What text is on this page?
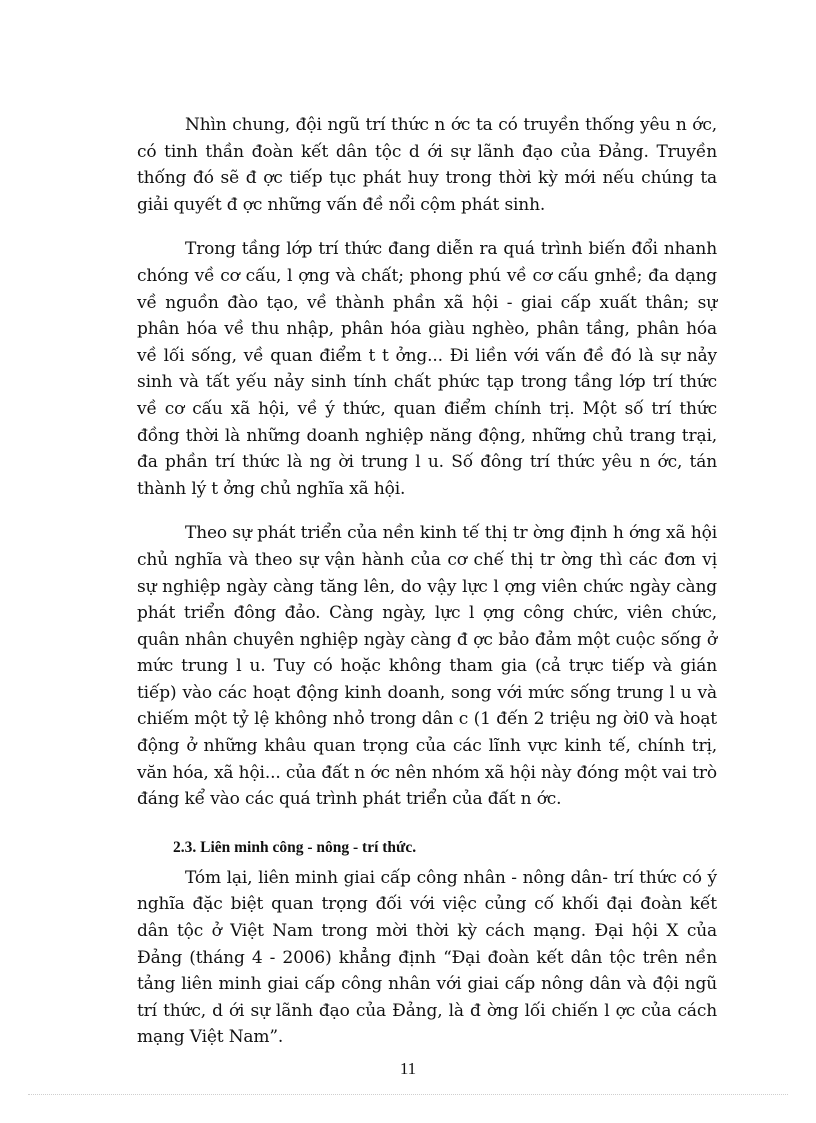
Nhìn chung, đội ngũ trí thức n ớc ta có truyền thống yêu n ớc, có tinh thần đoàn kết dân tộc d ới sự lãnh đạo của Đảng. Truyền thống đó sẽ đ ợc tiếp tục phát huy trong thời kỳ mới nếu chúng ta giải quyết đ ợc những vấn đề nổi cộm phát sinh.

Trong tầng lớp trí thức đang diễn ra quá trình biến đổi nhanh chóng về cơ cấu, l ợng và chất; phong phú về cơ cấu gnhề; đa dạng về nguồn đào tạo, về thành phần xã hội - giai cấp xuất thân; sự phân hóa về thu nhập, phân hóa giàu nghèo, phân tầng, phân hóa về lối sống, về quan điểm t t ởng... Đi liền với vấn đề đó là sự nảy sinh và tất yếu nảy sinh tính chất phức tạp trong tầng lớp trí thức về cơ cấu xã hội, về ý thức, quan điểm chính trị. Một số trí thức đồng thời là những doanh nghiệp năng động, những chủ trang trại, đa phần trí thức là ng ời trung l u. Số đông trí thức yêu n ớc, tán thành lý t ởng chủ nghĩa xã hội.

Theo sự phát triển của nền kinh tế thị tr ờng định h ớng xã hội chủ nghĩa và theo sự vận hành của cơ chế thị tr ờng thì các đơn vị sự nghiệp ngày càng tăng lên, do vậy lực l ợng viên chức ngày càng phát triển đông đảo. Càng ngày, lực l ợng công chức, viên chức, quân nhân chuyên nghiệp ngày càng đ ợc bảo đảm một cuộc sống ở mức trung l u. Tuy có hoặc không tham gia (cả trực tiếp và gián tiếp) vào các hoạt động kinh doanh, song với mức sống trung l u và chiếm một tỷ lệ không nhỏ trong dân c (1 đến 2 triệu ng ời0 và hoạt động ở những khâu quan trọng của các lĩnh vực kinh tế, chính trị, văn hóa, xã hội... của đất n ớc nên nhóm xã hội này đóng một vai trò đáng kể vào các quá trình phát triển của đất n ớc.

2.3. Liên minh công - nông - trí thức.

Tóm lại, liên minh giai cấp công nhân - nông dân- trí thức có ý nghĩa đặc biệt quan trọng đối với việc củng cố khối đại đoàn kết dân tộc ở Việt Nam trong mời thời kỳ cách mạng. Đại hội X của Đảng (tháng 4 - 2006) khẳng định “Đại đoàn kết dân tộc trên nền tảng liên minh giai cấp công nhân với giai cấp nông dân và đội ngũ trí thức, d ới sự lãnh đạo của Đảng, là đ ờng lối chiến l ợc của cách mạng Việt Nam”.

11
